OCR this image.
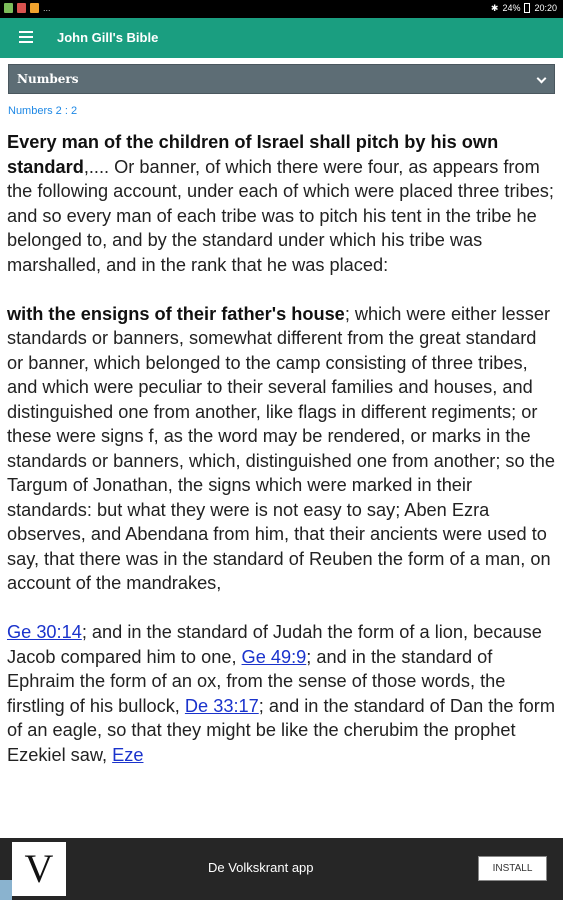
...	✱ 24% 20:20
John Gill's Bible
Numbers
Numbers 2 : 2

Every man of the children of Israel shall pitch by his own standard,.... Or banner, of which there were four, as appears from the following account, under each of which were placed three tribes; and so every man of each tribe was to pitch his tent in the tribe he belonged to, and by the standard under which his tribe was marshalled, and in the rank that he was placed:

with the ensigns of their father's house; which were either lesser standards or banners, somewhat different from the great standard or banner, which belonged to the camp consisting of three tribes, and which were peculiar to their several families and houses, and distinguished one from another, like flags in different regiments; or these were signs f, as the word may be rendered, or marks in the standards or banners, which, distinguished one from another; so the Targum of Jonathan, the signs which were marked in their standards: but what they were is not easy to say; Aben Ezra observes, and Abendana from him, that their ancients were used to say, that there was in the standard of Reuben the form of a man, on account of the mandrakes,

Ge 30:14; and in the standard of Judah the form of a lion, because Jacob compared him to one, Ge 49:9; and in the standard of Ephraim the form of an ox, from the sense of those words, the firstling of his bullock, De 33:17; and in the standard of Dan the form of an eagle, so that they might be like the cherubim the prophet Ezekiel saw, Eze

V	De Volkskrant app	INSTALL
